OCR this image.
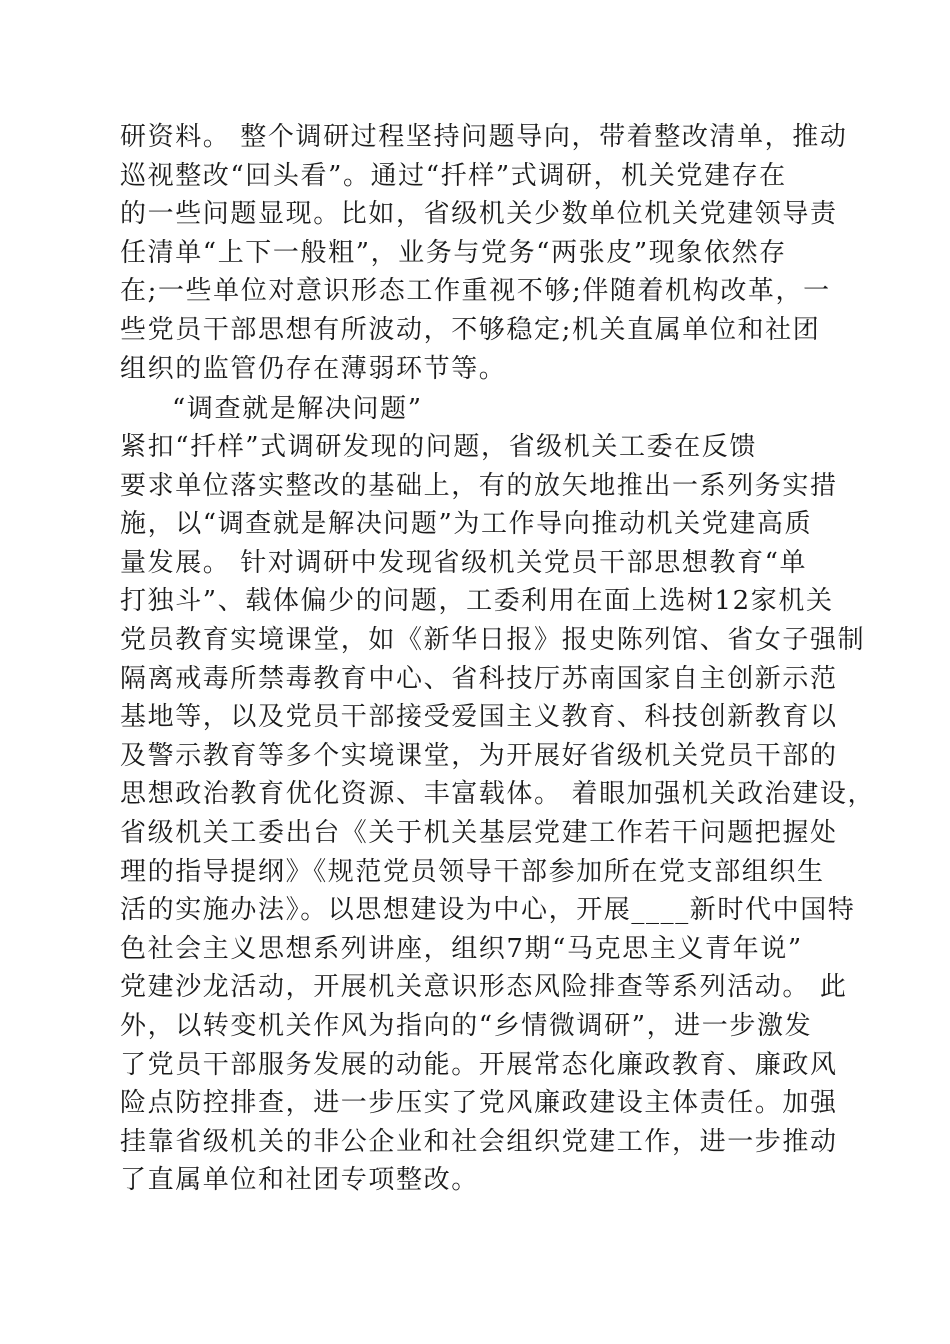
研资料。 整个调研过程坚持问题导向，带着整改清单，推动
巡视整改“回头看”。通过“扦样”式调研，机关党建存在
的一些问题显现。比如，省级机关少数单位机关党建领导责
任清单“上下一般粗”，业务与党务“两张皮”现象依然存
在;一些单位对意识形态工作重视不够;伴随着机构改革，一
些党员干部思想有所波动，不够稳定;机关直属单位和社团
组织的监管仍存在薄弱环节等。
“调查就是解决问题”
紧扣“扦样”式调研发现的问题，省级机关工委在反馈
要求单位落实整改的基础上，有的放矢地推出一系列务实措
施，以“调查就是解决问题”为工作导向推动机关党建高质
量发展。 针对调研中发现省级机关党员干部思想教育“单
打独斗”、载体偏少的问题，工委利用在面上选树12家机关
党员教育实境课堂，如《新华日报》报史陈列馆、省女子强制
隔离戒毒所禁毒教育中心、省科技厅苏南国家自主创新示范
基地等，以及党员干部接受爱国主义教育、科技创新教育以
及警示教育等多个实境课堂，为开展好省级机关党员干部的
思想政治教育优化资源、丰富载体。 着眼加强机关政治建设，
省级机关工委出台《关于机关基层党建工作若干问题把握处
理的指导提纲》《规范党员领导干部参加所在党支部组织生
活的实施办法》。以思想建设为中心，开展____新时代中国特
色社会主义思想系列讲座，组织7期“马克思主义青年说”
党建沙龙活动，开展机关意识形态风险排查等系列活动。 此
外，以转变机关作风为指向的“乡情微调研”，进一步激发
了党员干部服务发展的动能。开展常态化廉政教育、廉政风
险点防控排查，进一步压实了党风廉政建设主体责任。加强
挂靠省级机关的非公企业和社会组织党建工作，进一步推动
了直属单位和社团专项整改。
